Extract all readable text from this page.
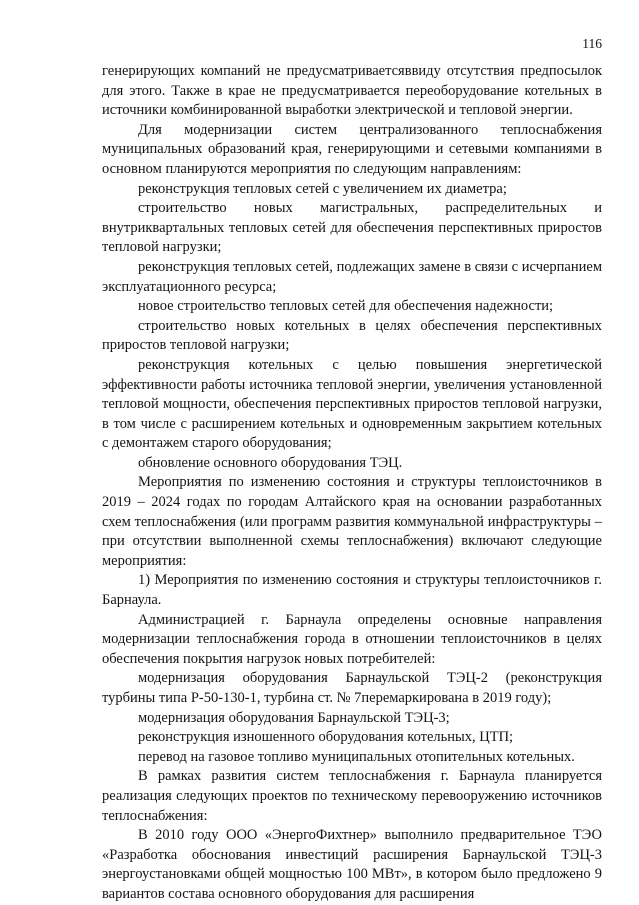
116

генерирующих компаний не предусматриваетсяввиду отсутствия предпосылок для этого. Также в крае не предусматривается переоборудование котельных в источники комбинированной выработки электрической и тепловой энергии.

Для модернизации систем централизованного теплоснабжения муниципальных образований края, генерирующими и сетевыми компаниями в основном планируются мероприятия по следующим направлениям:

реконструкция тепловых сетей с увеличением их диаметра;

строительство новых магистральных, распределительных и внутриквартальных тепловых сетей для обеспечения перспективных приростов тепловой нагрузки;

реконструкция тепловых сетей, подлежащих замене в связи с исчерпанием эксплуатационного ресурса;

новое строительство тепловых сетей для обеспечения надежности;

строительство новых котельных в целях обеспечения перспективных приростов тепловой нагрузки;

реконструкция котельных с целью повышения энергетической эффективности работы источника тепловой энергии, увеличения установленной тепловой мощности, обеспечения перспективных приростов тепловой нагрузки, в том числе с расширением котельных и одновременным закрытием котельных с демонтажем старого оборудования;

обновление основного оборудования ТЭЦ.

Мероприятия по изменению состояния и структуры теплоисточников в 2019 – 2024 годах по городам Алтайского края на основании разработанных схем теплоснабжения (или программ развития коммунальной инфраструктуры – при отсутствии выполненной схемы теплоснабжения) включают следующие мероприятия:

1) Мероприятия по изменению состояния и структуры теплоисточников г. Барнаула.

Администрацией г. Барнаула определены основные направления модернизации теплоснабжения города в отношении теплоисточников в целях обеспечения покрытия нагрузок новых потребителей:

модернизация оборудования Барнаульской ТЭЦ-2 (реконструкция турбины типа Р-50-130-1, турбина ст. № 7перемаркирована в 2019 году);

модернизация оборудования Барнаульской ТЭЦ-3;

реконструкция изношенного оборудования котельных, ЦТП;

перевод на газовое топливо муниципальных отопительных котельных.

В рамках развития систем теплоснабжения г. Барнаула планируется реализация следующих проектов по техническому перевооружению источников теплоснабжения:

В 2010 году ООО «ЭнергоФихтнер» выполнило предварительное ТЭО «Разработка обоснования инвестиций расширения Барнаульской ТЭЦ-3 энергоустановками общей мощностью 100 МВт», в котором было предложено 9 вариантов состава основного оборудования для расширения
